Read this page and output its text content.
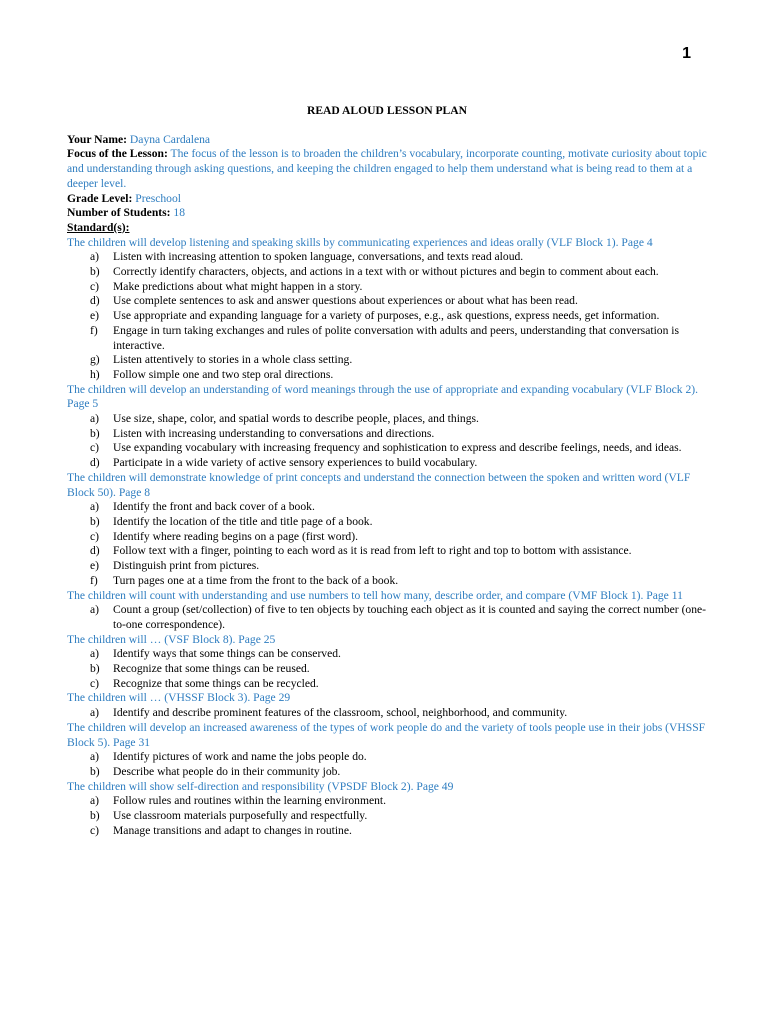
1
READ ALOUD LESSON PLAN
Your Name: Dayna Cardalena
Focus of the Lesson: The focus of the lesson is to broaden the children’s vocabulary, incorporate counting, motivate curiosity about topic and understanding through asking questions, and keeping the children engaged to help them understand what is being read to them at a deeper level.
Grade Level: Preschool
Number of Students: 18
Standard(s):
The children will develop listening and speaking skills by communicating experiences and ideas orally (VLF Block 1). Page 4
a) Listen with increasing attention to spoken language, conversations, and texts read aloud.
b) Correctly identify characters, objects, and actions in a text with or without pictures and begin to comment about each.
c) Make predictions about what might happen in a story.
d) Use complete sentences to ask and answer questions about experiences or about what has been read.
e) Use appropriate and expanding language for a variety of purposes, e.g., ask questions, express needs, get information.
f) Engage in turn taking exchanges and rules of polite conversation with adults and peers, understanding that conversation is interactive.
g) Listen attentively to stories in a whole class setting.
h) Follow simple one and two step oral directions.
The children will develop an understanding of word meanings through the use of appropriate and expanding vocabulary (VLF Block 2). Page 5
a) Use size, shape, color, and spatial words to describe people, places, and things.
b) Listen with increasing understanding to conversations and directions.
c) Use expanding vocabulary with increasing frequency and sophistication to express and describe feelings, needs, and ideas.
d) Participate in a wide variety of active sensory experiences to build vocabulary.
The children will demonstrate knowledge of print concepts and understand the connection between the spoken and written word (VLF Block 50). Page 8
a) Identify the front and back cover of a book.
b) Identify the location of the title and title page of a book.
c) Identify where reading begins on a page (first word).
d) Follow text with a finger, pointing to each word as it is read from left to right and top to bottom with assistance.
e) Distinguish print from pictures.
f) Turn pages one at a time from the front to the back of a book.
The children will count with understanding and use numbers to tell how many, describe order, and compare (VMF Block 1). Page 11
a) Count a group (set/collection) of five to ten objects by touching each object as it is counted and saying the correct number (one-to-one correspondence).
The children will … (VSF Block 8). Page 25
a) Identify ways that some things can be conserved.
b) Recognize that some things can be reused.
c) Recognize that some things can be recycled.
The children will … (VHSSF Block 3). Page 29
a) Identify and describe prominent features of the classroom, school, neighborhood, and community.
The children will develop an increased awareness of the types of work people do and the variety of tools people use in their jobs (VHSSF Block 5). Page 31
a) Identify pictures of work and name the jobs people do.
b) Describe what people do in their community job.
The children will show self-direction and responsibility (VPSDF Block 2). Page 49
a) Follow rules and routines within the learning environment.
b) Use classroom materials purposefully and respectfully.
c) Manage transitions and adapt to changes in routine.
